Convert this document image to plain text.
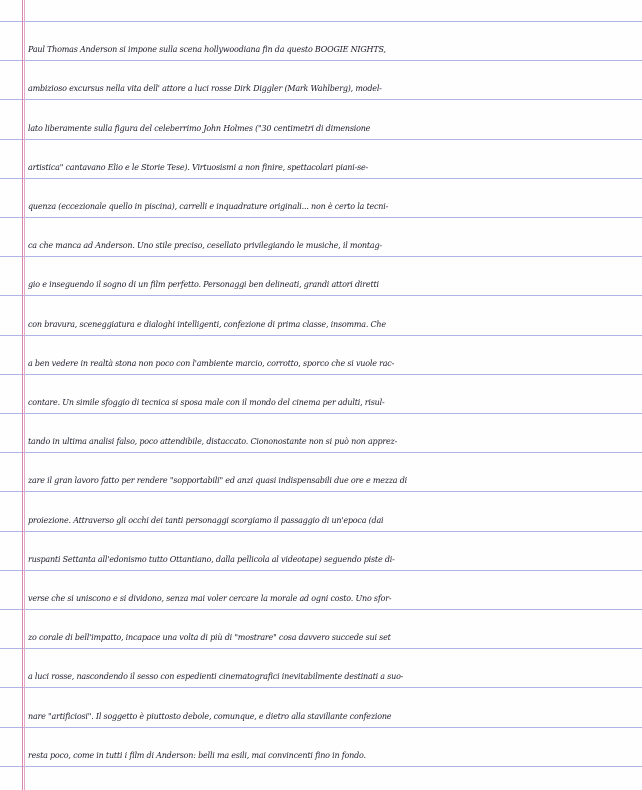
Paul Thomas Anderson si impone sulla scena hollywoodiana fin da questo BOOGIE NIGHTS,
ambizioso excursus nella vita dell' attore a luci rosse Dirk Diggler (Mark Wahlberg), model-
lato liberamente sulla figura del celeberrimo John Holmes ("30 centimetri di dimensione
artistica" cantavano Elio e le Storie Tese). Virtuosismi a non finire, spettacolari piani-se-
quenza (eccezionale quello in piscina), carrelli e inquadrature originali... non è certo la tecni-
ca che manca ad Anderson. Uno stile preciso, cesellato privilegiando le musiche, il montag-
gio e inseguendo il sogno di un film perfetto. Personaggi ben delineati, grandi attori diretti
con bravura, sceneggiatura e dialoghi intelligenti, confezione di prima classe, insomma. Che
a ben vedere in realtà stona non poco con l'ambiente marcio, corrotto, sporco che si vuole rac-
contare. Un simile sfoggio di tecnica si sposa male con il mondo del cinema per adulti, risul-
tando in ultima analisi falso, poco attendibile, distaccato. Ciononostante non si può non apprez-
zare il gran lavoro fatto per rendere "sopportabili" ed anzi quasi indispensabili due ore e mezza di
proiezione. Attraverso gli occhi dei tanti personaggi scorgiamo il passaggio di un'epoca (dai
ruspanti Settanta all'edonismo tutto Ottantiano, dalla pellicola al videotape) seguendo piste di-
verse che si uniscono e si dividono, senza mai voler cercare la morale ad ogni costo. Uno sfor-
zo corale di bell'impatto, incapace una volta di più di "mostrare" cosa davvero succede sui set
a luci rosse, nascondendo il sesso con espedienti cinematografici inevitabilmente destinati a suo-
nare "artificiosi". Il soggetto è piuttosto debole, comunque, e dietro alla stavillante confezione
resta poco, come in tutti i film di Anderson: belli ma esili, mai convincenti fino in fondo.
